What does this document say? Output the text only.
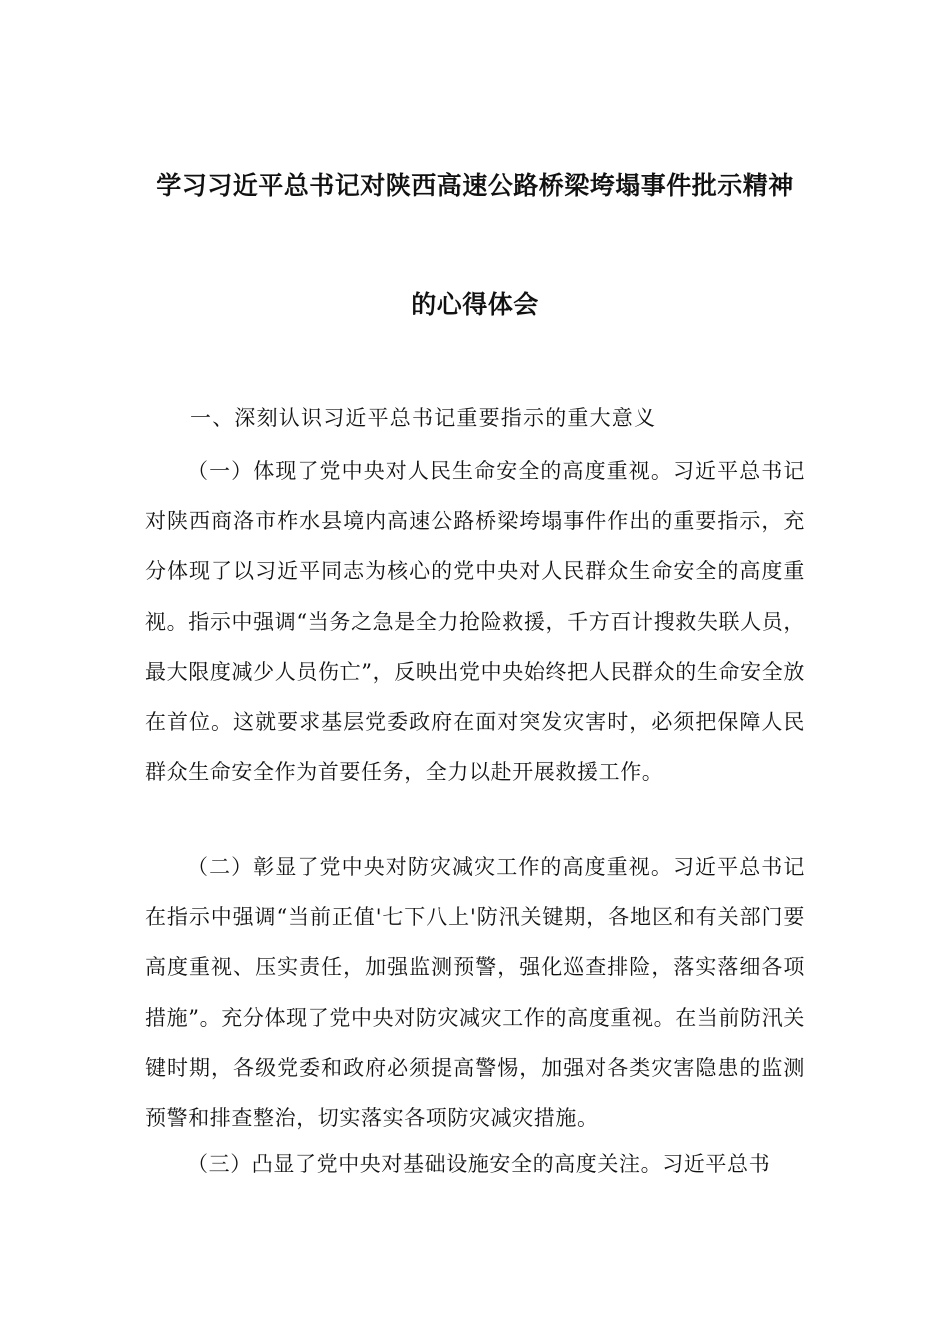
学习习近平总书记对陕西高速公路桥梁垮塌事件批示精神
的心得体会
一、深刻认识习近平总书记重要指示的重大意义
（一）体现了党中央对人民生命安全的高度重视。习近平总书记对陕西商洛市柞水县境内高速公路桥梁垮塌事件作出的重要指示，充分体现了以习近平同志为核心的党中央对人民群众生命安全的高度重视。指示中强调“当务之急是全力抢险救援，千方百计搜救失联人员，最大限度减少人员伤亡”，反映出党中央始终把人民群众的生命安全放在首位。这就要求基层党委政府在面对突发灾害时，必须把保障人民群众生命安全作为首要任务，全力以赴开展救援工作。
（二）彰显了党中央对防灾减灾工作的高度重视。习近平总书记在指示中强调“当前正值'七下八上'防汛关键期，各地区和有关部门要高度重视、压实责任，加强监测预警，强化巡查排险，落实落细各项措施”。充分体现了党中央对防灾减灾工作的高度重视。在当前防汛关键时期，各级党委和政府必须提高警惕，加强对各类灾害隐患的监测预警和排查整治，切实落实各项防灾减灾措施。
（三）凸显了党中央对基础设施安全的高度关注。习近平总书
